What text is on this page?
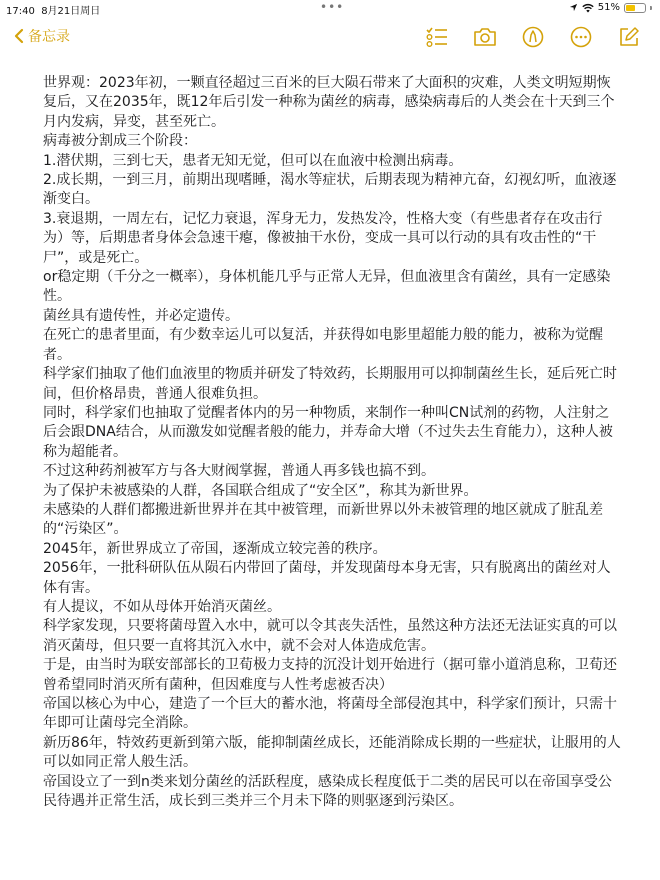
17:40 8月21日周日	•••	51%
备忘录

世界观：2023年初，一颗直径超过三百米的巨大陨石带来了大面积的灾难，人类文明短期恢复后，又在2035年，既12年后引发一种称为菌丝的病毒，感染病毒后的人类会在十天到三个月内发病，异变，甚至死亡。

病毒被分割成三个阶段：

1.潜伏期，三到七天，患者无知无觉，但可以在血液中检测出病毒。

2.成长期，一到三月，前期出现嗜睡，渴水等症状，后期表现为精神亢奋，幻视幻听，血液逐渐变白。

3.衰退期，一周左右，记忆力衰退，浑身无力，发热发冷，性格大变（有些患者存在攻击行为）等，后期患者身体会急速干瘪，像被抽干水份，变成一具可以行动的具有攻击性的“干尸”，或是死亡。

or稳定期（千分之一概率），身体机能几乎与正常人无异，但血液里含有菌丝，具有一定感染性。

菌丝具有遗传性，并必定遗传。

在死亡的患者里面，有少数幸运儿可以复活，并获得如电影里超能力般的能力，被称为觉醒者。

科学家们抽取了他们血液里的物质并研发了特效药，长期服用可以抑制菌丝生长，延后死亡时间，但价格昂贵，普通人很难负担。

同时，科学家们也抽取了觉醒者体内的另一种物质，来制作一种叫CN试剂的药物，人注射之后会跟DNA结合，从而激发如觉醒者般的能力，并寿命大增（不过失去生育能力），这种人被称为超能者。

不过这种药剂被军方与各大财阀掌握，普通人再多钱也搞不到。

为了保护未被感染的人群，各国联合组成了“安全区”，称其为新世界。

未感染的人群们都搬进新世界并在其中被管理，而新世界以外未被管理的地区就成了脏乱差的“污染区”。

2045年，新世界成立了帝国，逐渐成立较完善的秩序。

2056年，一批科研队伍从陨石内带回了菌母，并发现菌母本身无害，只有脱离出的菌丝对人体有害。

有人提议，不如从母体开始消灭菌丝。

科学家发现，只要将菌母置入水中，就可以令其丧失活性，虽然这种方法还无法证实真的可以消灭菌母，但只要一直将其沉入水中，就不会对人体造成危害。

于是，由当时为联安部部长的卫荀极力支持的沉没计划开始进行（据可靠小道消息称，卫荀还曾希望同时消灭所有菌种，但因难度与人性考虑被否决）

帝国以核心为中心，建造了一个巨大的蓄水池，将菌母全部侵泡其中，科学家们预计，只需十年即可让菌母完全消除。

新历86年，特效药更新到第六版，能抑制菌丝成长，还能消除成长期的一些症状，让服用的人可以如同正常人般生活。

帝国设立了一到n类来划分菌丝的活跃程度，感染成长程度低于二类的居民可以在帝国享受公民待遇并正常生活，成长到三类并三个月未下降的则驱逐到污染区。
